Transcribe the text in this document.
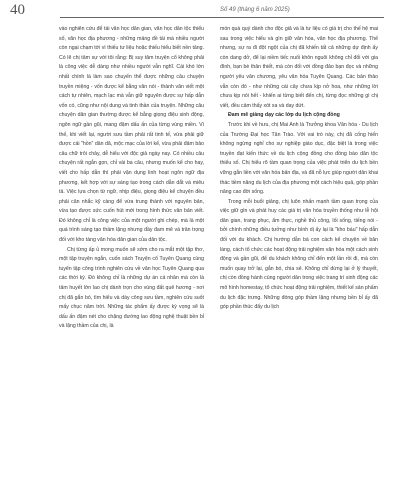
40	Số 49 (tháng 6 năm 2025)

vào nghiên cứu để tái văn học dân gian, văn học dân tộc thiểu số, văn học địa phương - những mảng đề tài mà nhiều người còn ngại chạm tới vì thiếu tư liệu hoặc thiếu hiểu biết nền tảng. Có lẽ chị tâm sự với tôi rằng: Bị suy tâm truyện cổ không phải là công việc dễ dàng như nhiều người vẫn nghĩ. Cái khó lớn nhất chính là làm sao chuyển thể được những câu chuyện truyền miệng - vốn được kể bằng văn nói - thành văn viết một cách tự nhiên, mạch lạc mà vẫn giữ nguyên được sự hấp dẫn vốn có, cũng như nội dung và tinh thần của truyện. Những câu chuyện dân gian thường được kể bằng giọng điệu sinh động, ngôn ngữ gần gũi, mang đậm dấu ấn của từng vùng miền. Vì thế, khi viết lại, người sưu tầm phải rất tinh tế, vừa phải giữ được cái "hồn" dân dã, mộc mạc của lời kể, vừa phải đảm bảo câu chữ trôi chảy, dễ hiểu với độc giả ngày nay. Có nhiều câu chuyện rất ngắn gọn, chỉ vài ba câu, nhưng muốn kể cho hay, viết cho hấp dẫn thì phải vận dụng linh hoạt ngôn ngữ địa phương, kết hợp với sự sáng tạo trong cách dẫn dắt và miêu tả. Việc lựa chọn từ ngữ, nhịp điệu, giọng điệu kể chuyện đều phải cân nhắc kỹ càng để vừa trung thành với nguyên bản, vừa tạo được sức cuốn hút mới trong hình thức văn bản viết. Đó không chỉ là công việc của một người ghi chép, mà là một quá trình sáng tạo thầm lặng nhưng đầy đam mê và trân trọng đối với kho tàng văn hóa dân gian của dân tộc.

Chị từng ấp ủ mong muốn sẽ sớm cho ra mắt một tập thơ, một tập truyện ngắn, cuốn sách Truyện cổ Tuyên Quang cùng tuyển tập công trình nghiên cứu về văn học Tuyên Quang qua các thời kỳ. Đó không chỉ là những dự án cá nhân mà còn là tâm huyết lớn lao chị dành trọn cho vùng đất quê hương - nơi chị đã gắn bó, tìm hiểu và dày công sưu tầm, nghiên cứu suốt mấy chục năm trời. Những tác phẩm ấy được kỳ vọng sẽ là dấu ấn đậm nét cho chặng đường lao động nghệ thuật bền bỉ và lặng thầm của chị, là

món quà quý dành cho độc giả và là tư liệu có giá trị cho thế hệ mai sau trong việc hiểu và gìn giữ văn hóa, văn học địa phương. Thế nhưng, sự ra đi đột ngột của chị đã khiến tất cả những dự định ấy còn dang dở, để lại niềm tiếc nuối khôn nguôi không chỉ đối với gia đình, bạn bè thân thiết, mà còn đối với đồng đảo bạn đọc và những người yêu văn chương, yêu văn hóa Tuyên Quang. Các bản thảo vẫn còn đó - như những cái cây chưa kịp nở hoa, như những lời chưa kịp nói hết - khiến ai từng biết đến chị, từng đọc những gì chị viết, đều cảm thấy xót xa và day dứt.

Đam mê giảng dạy các lớp du lịch cộng đồng

Trước khi về hưu, chị Mai Anh là Trưởng khoa Văn hóa - Du lịch của Trường Đại học Tân Trào. Với vai trò này, chị đã cống hiến không ngừng nghỉ cho sự nghiệp giáo dục, đặc biệt là trong việc truyền đạt kiến thức về du lịch cộng đồng cho đồng bào dân tộc thiểu số. Chị hiểu rõ tầm quan trọng của việc phát triển du lịch bền vững gắn liền với văn hóa bản địa, và đã nỗ lực giúp người dân khai thác tiềm năng du lịch của địa phương một cách hiệu quả, góp phần nâng cao đời sống.

Trong mỗi buổi giảng, chị luôn nhấn mạnh tầm quan trọng của việc giữ gìn và phát huy các giá trị văn hóa truyền thống như lễ hội dân gian, trang phục, ẩm thực, nghề thủ công, lối sống, tiếng nói - bởi chính những điều tưởng như bình dị ấy lại là "kho báu" hấp dẫn đối với du khách. Chị hướng dẫn bà con cách kể chuyện về bản làng, cách tổ chức các hoạt động trải nghiệm văn hóa một cách sinh động và gần gũi, để du khách không chỉ đến một lần rồi đi, mà còn muốn quay trở lại, gắn bó, chia sẻ. Không chỉ dừng lại ở lý thuyết, chị còn đồng hành cùng người dân trong việc trang trí sinh động các mô hình homestay, tổ chức hoạt động trải nghiệm, thiết kế sản phẩm du lịch đặc trưng. Những đóng góp thầm lặng nhưng bền bỉ ấy đã góp phần thúc đẩy du lịch
